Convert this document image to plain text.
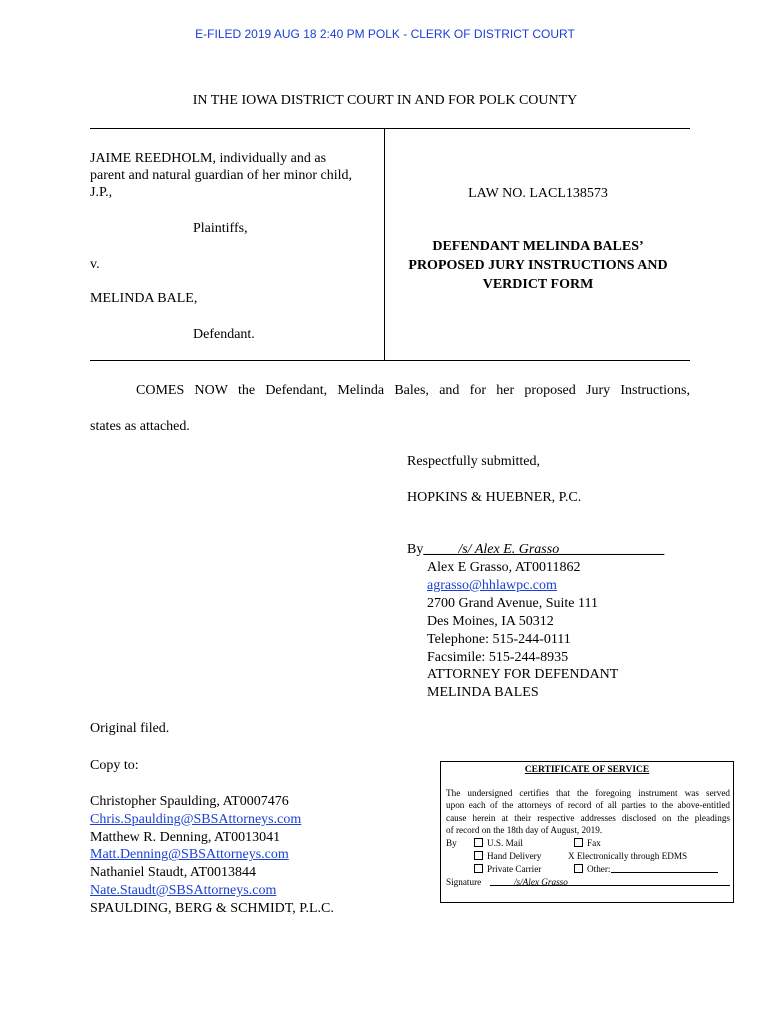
E-FILED 2019 AUG 18 2:40 PM POLK - CLERK OF DISTRICT COURT
IN THE IOWA DISTRICT COURT IN AND FOR POLK COUNTY
JAIME REEDHOLM, individually and as
parent and natural guardian of her minor child,
J.P.,
Plaintiffs,
v.
MELINDA BALE,
Defendant.
LAW NO. LACL138573
DEFENDANT MELINDA BALES’
PROPOSED JURY INSTRUCTIONS AND
VERDICT FORM
COMES NOW the Defendant, Melinda Bales, and for her proposed Jury Instructions,
states as attached.
Respectfully submitted,
HOPKINS & HUEBNER, P.C.
By_____/s/ Alex E. Grasso_______________
Alex E Grasso, AT0011862
agrasso@hhlawpc.com
2700 Grand Avenue, Suite 111
Des Moines, IA 50312
Telephone: 515-244-0111
Facsimile: 515-244-8935
ATTORNEY FOR DEFENDANT
MELINDA BALES
Original filed.
Copy to:
Christopher Spaulding, AT0007476
Chris.Spaulding@SBSAttorneys.com
Matthew R. Denning, AT0013041
Matt.Denning@SBSAttorneys.com
Nathaniel Staudt, AT0013844
Nate.Staudt@SBSAttorneys.com
SPAULDING, BERG & SCHMIDT, P.L.C.
CERTIFICATE OF SERVICE
The undersigned certifies that the foregoing instrument was served
upon each of the attorneys of record of all parties to the above-entitled
cause herein at their respective addresses disclosed on the pleadings
of record on the 18th day of August, 2019.
By	U.S. Mail	Fax
Hand Delivery	X Electronically through EDMS
Private Carrier	Other:
Signature	/s/Alex Grasso
